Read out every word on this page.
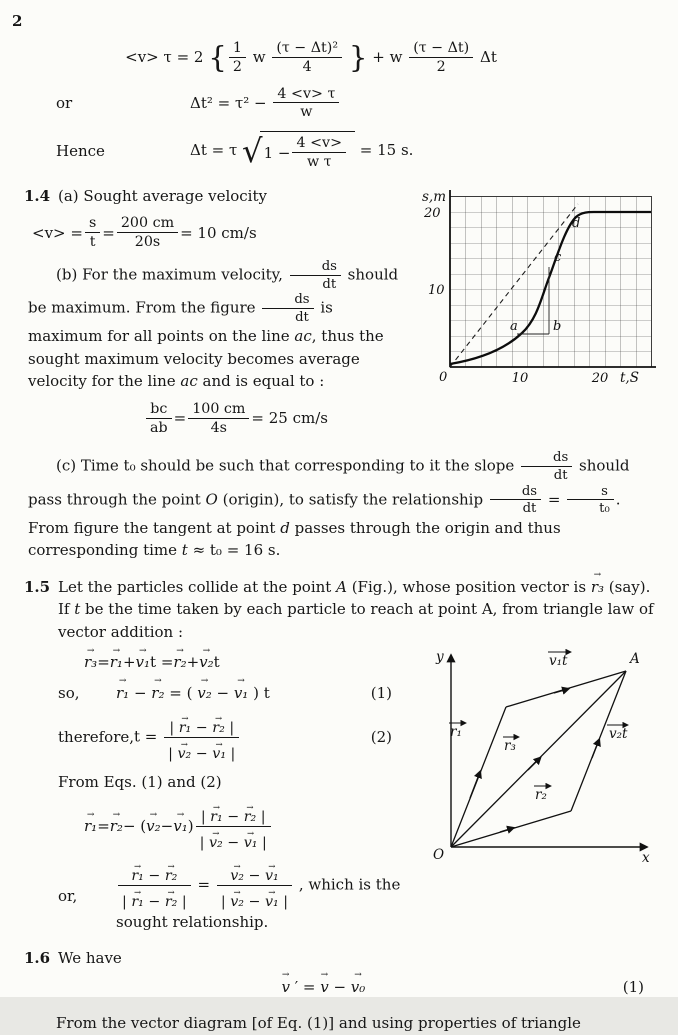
2
<v> τ = 2 { $\frac{1}{2}$ w $\frac{\text{(τ − Δt)²}}{4}$ } + w $\frac{(\tau - \Delta t)}{2}$ Δt
or	$\Delta t^2 = \tau^2 - \frac{4 <v> \tau}{w}$
Hence	Δt = τ √ $1 - \frac{4 <v>}{\text{w τ}} = 15$ s.
s,m
20
10
0	10	20 t,S
a	b
c
d
1.4 (a) Sought average velocity
$<v> = \frac{s}{t} = \frac{200 cm}{20s} = 10$ cm/s

(b) For the maximum velocity, $\frac{ds}{dt}$ should be maximum. From the figure $\frac{ds}{dt}$ is maximum for all points on the line ac, thus the sought maximum velocity becomes average velocity for the line ac and is equal to :

$\frac{bc}{ab} = \frac{100 cm}{4s} = 25$ cm/s

(c) Time t₀ should be such that corresponding to it the slope $\frac{ds}{dt}$ should pass through the point O (origin), to satisfy the relationship $\frac{ds}{dt} = \frac{s}{\text{t₀}}$ . From figure the tangent at point d passes through the origin and thus corresponding time t ≈ t₀ = 16 s.

1.5 Let the particles collide at the point A (Fig.), whose position vector is → r₃ (say). If t be the time taken by each particle to reach at point A, from triangle law of vector addition :
y
x
O
A
v₁t
r₁
r₃
v₂t
r₂
→ r₃ = → r₁ + → v₁ t = → r₂ + → v₂ t
so,	→ r₁ − → r₂ = ( → v₂ − → v₁ ) t	(1)
therefore, $t = \frac{\text{| → r₁ − → r₂ |}}{\text{| → v₂ − → v₁ |}}$	(2)

From Eqs. (1) and (2)

→ r₁ = → r₂ − ( → v₂ − → v₁ ) $\frac{\text{| → r₁ − → r₂ |}}{\text{| → v₂ − → v₁ |}}$
or,	→ $\frac{\text{r₁ − → r₂}}{\text{| → r₁ − → r₂ |}}$ = → $\frac{\text{v₂ − → v₁}}{\text{| → v₂ − → v₁ |}}$ , which is the sought relationship.
1.6 We have
→ v ′ = → v − → v₀	(1)

From the vector diagram [of Eq. (1)] and using properties of triangle
